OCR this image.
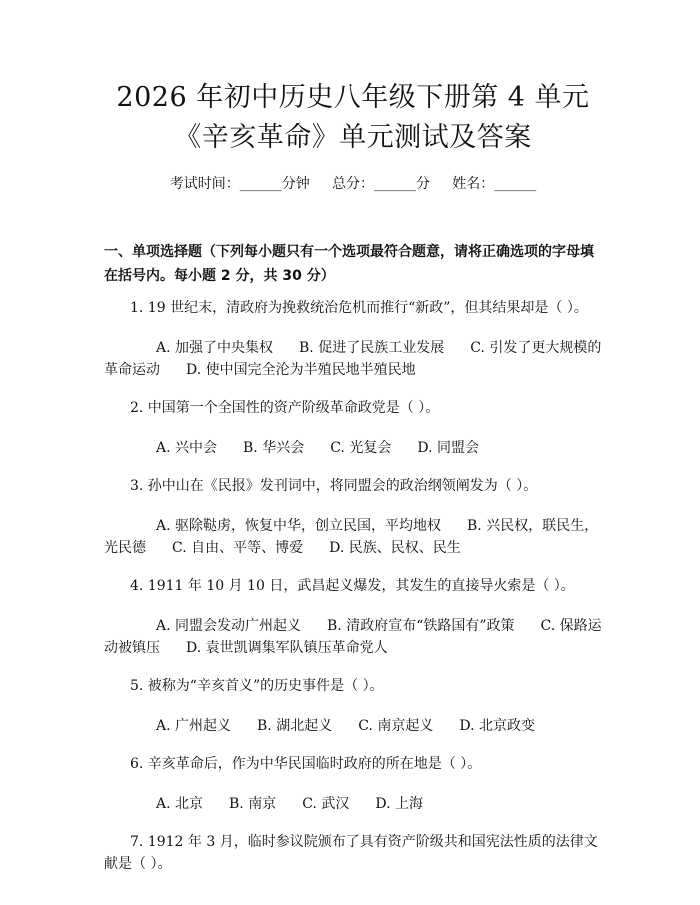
2026 年初中历史八年级下册第 4 单元《辛亥革命》单元测试及答案
考试时间：______分钟     总分：______分     姓名：______
一、单项选择题（下列每小题只有一个选项最符合题意，请将正确选项的字母填在括号内。每小题 2 分，共 30 分）

1. 19 世纪末，清政府为挽救统治危机而推行“新政”，但其结果却是（ ）。

A. 加强了中央集权 B. 促进了民族工业发展 C. 引发了更大规模的革命运动 D. 使中国完全沦为半殖民地半殖民地

2. 中国第一个全国性的资产阶级革命政党是（ ）。

A. 兴中会 B. 华兴会 C. 光复会 D. 同盟会

3. 孙中山在《民报》发刊词中，将同盟会的政治纲领阐发为（ ）。

A. 驱除鞑虏，恢复中华，创立民国，平均地权 B. 兴民权，联民生，光民德 C. 自由、平等、博爱 D. 民族、民权、民生

4. 1911 年 10 月 10 日，武昌起义爆发，其发生的直接导火索是（ ）。

A. 同盟会发动广州起义 B. 清政府宣布“铁路国有”政策 C. 保路运动被镇压 D. 袁世凯调集军队镇压革命党人

5. 被称为“辛亥首义”的历史事件是（ ）。

A. 广州起义 B. 湖北起义 C. 南京起义 D. 北京政变

6. 辛亥革命后，作为中华民国临时政府的所在地是（ ）。

A. 北京 B. 南京 C. 武汉 D. 上海

7. 1912 年 3 月，临时参议院颁布了具有资产阶级共和国宪法性质的法律文献是（ ）。
